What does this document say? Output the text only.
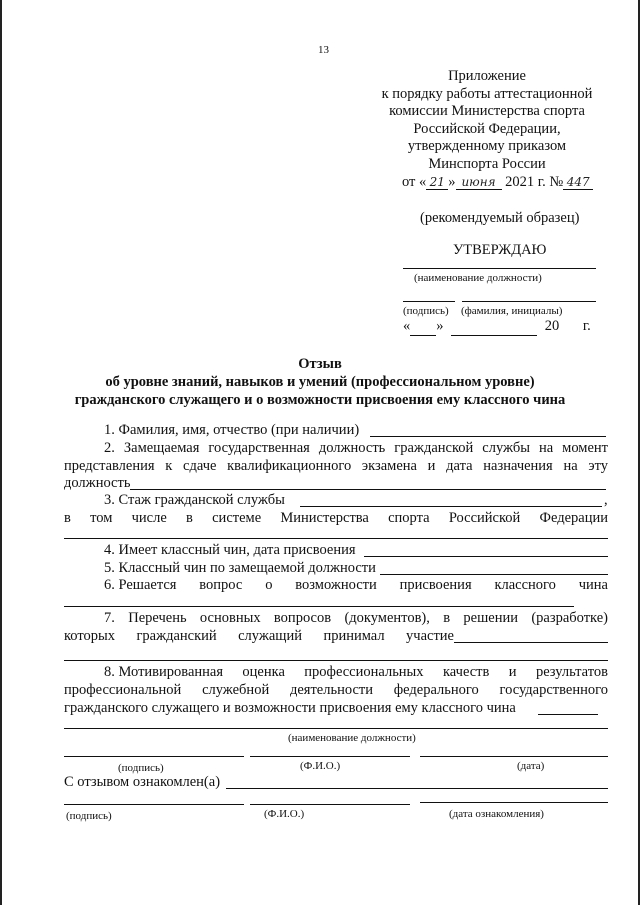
13
Приложение
к порядку работы аттестационной
комиссии Министерства спорта
Российской Федерации,
утвержденному приказом
Минспорта России
от « 21 » июня 2021 г. № 447
(рекомендуемый образец)
УТВЕРЖДАЮ
(наименование должности)
(подпись) (фамилия, инициалы)
« »	20 г.
Отзыв
об уровне знаний, навыков и умений (профессиональном уровне)
гражданского служащего и о возможности присвоения ему классного чина
1. Фамилия, имя, отчество (при наличии)
2. Замещаемая государственная должность гражданской службы на момент
представления к сдаче квалификационного экзамена и дата назначения на эту
должность
3. Стаж гражданской службы	,
в том числе в системе Министерства спорта Российской Федерации
4. Имеет классный чин, дата присвоения
5. Классный чин по замещаемой должности
6. Решается вопрос о возможности присвоения классного чина
7. Перечень основных вопросов (документов), в решении (разработке)
которых гражданский служащий принимал участие
8. Мотивированная оценка профессиональных качеств и результатов
профессиональной служебной деятельности федерального государственного
гражданского служащего и возможности присвоения ему классного чина
(наименование должности)
(подпись)	(Ф.И.О.)	(дата)
С отзывом ознакомлен(а)
(подпись)	(Ф.И.О.)	(дата ознакомления)
